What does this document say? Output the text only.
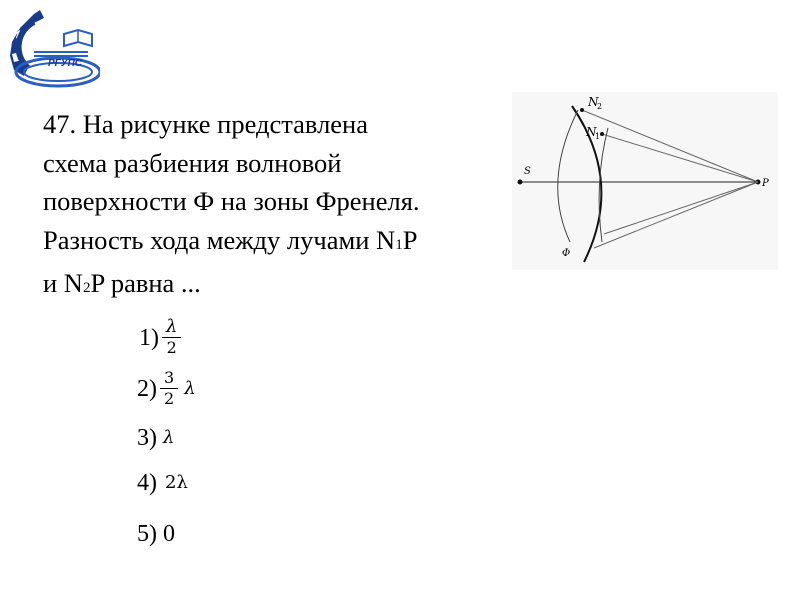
РГУПС

47. На рисунке представлена
схема разбиения волновой
поверхности Ф на зоны Френеля.
Разность хода между лучами N1P
и N2P равна ...

S
P
N
2
N
1
Φ
$1) \frac{\lambda}{2}$
$2) \frac{3}{2}$ λ
3) λ
4) 2λ
5) 0
